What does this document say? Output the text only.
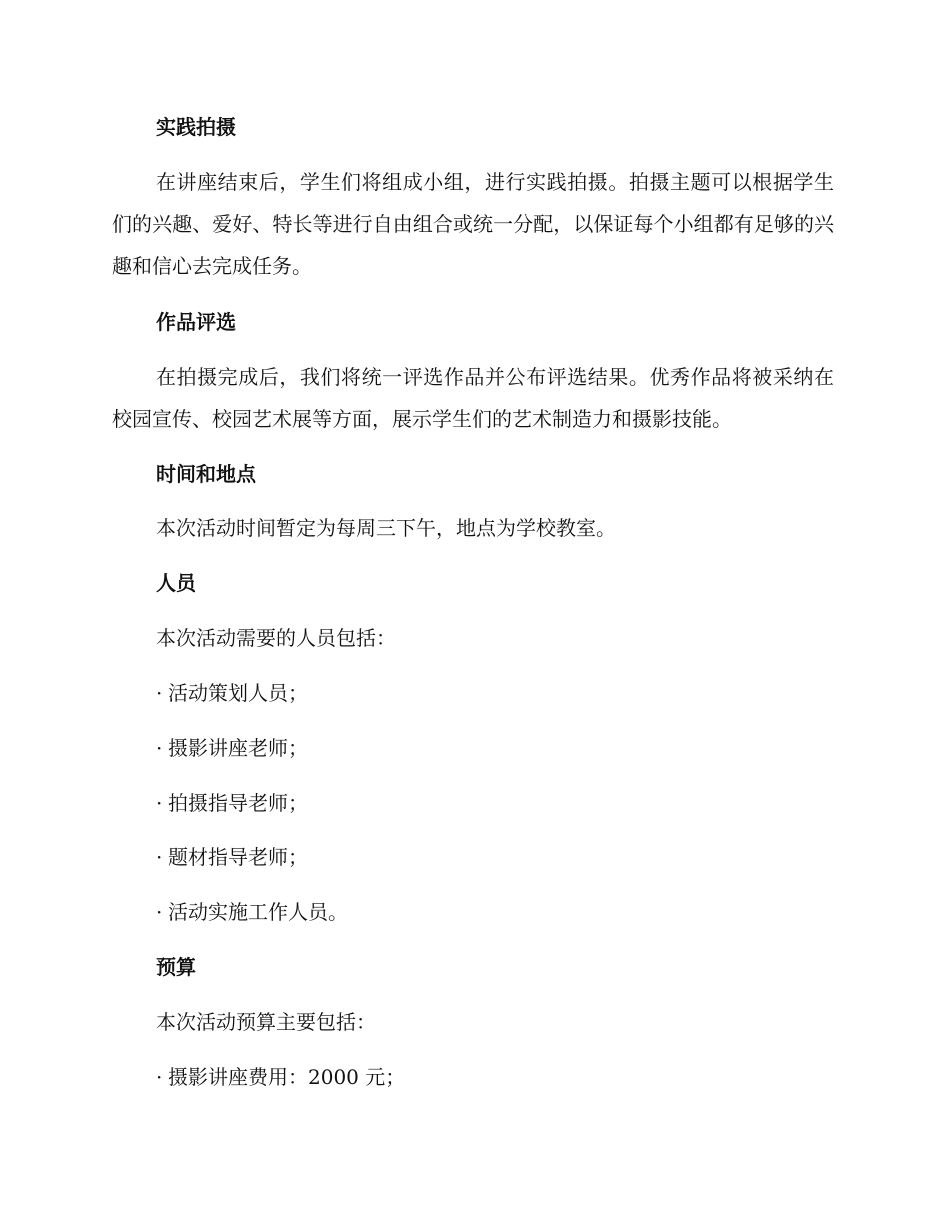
实践拍摄

在讲座结束后，学生们将组成小组，进行实践拍摄。拍摄主题可以根据学生们的兴趣、爱好、特长等进行自由组合或统一分配，以保证每个小组都有足够的兴趣和信心去完成任务。

作品评选

在拍摄完成后，我们将统一评选作品并公布评选结果。优秀作品将被采纳在校园宣传、校园艺术展等方面，展示学生们的艺术制造力和摄影技能。

时间和地点

本次活动时间暂定为每周三下午，地点为学校教室。

人员

本次活动需要的人员包括：

· 活动策划人员；

· 摄影讲座老师；

· 拍摄指导老师；

· 题材指导老师；

· 活动实施工作人员。

预算

本次活动预算主要包括：

· 摄影讲座费用：2000 元；
